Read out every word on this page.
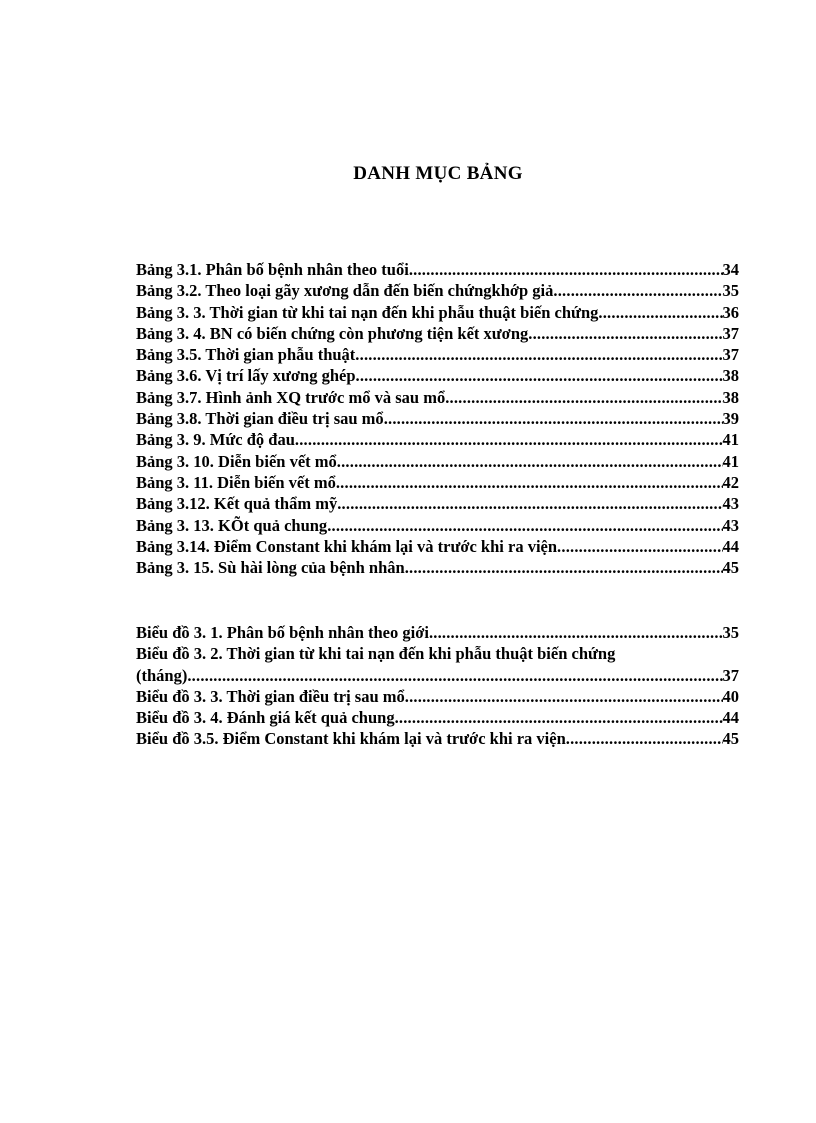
DANH MỤC BẢNG
Bảng 3.1. Phân bố bệnh nhân theo tuổi .....	34
Bảng 3.2. Theo loại gãy xương dẫn đến biến chứngkhớp giả .....	35
Bảng 3. 3. Thời gian từ khi tai nạn đến khi phẫu thuật biến chứng .....	36
Bảng 3. 4. BN có biến chứng còn phương tiện kết xương .....	37
Bảng 3.5. Thời gian phẫu thuật .....	37
Bảng 3.6. Vị trí lấy xương ghép .....	38
Bảng 3.7. Hình ảnh XQ trước mổ và sau mổ .....	38
Bảng 3.8. Thời gian điều trị sau mổ .....	39
Bảng 3. 9. Mức độ đau .....	41
Bảng 3. 10. Diễn biến vết mổ .....	41
Bảng 3. 11. Diễn biến vết mổ .....	42
Bảng 3.12. Kết quả thẩm mỹ .....	43
Bảng 3. 13. KÕt quả chung .....	43
Bảng 3.14. Điểm Constant khi khám lại và trước khi ra viện .....	44
Bảng 3. 15. Sù hài lòng của bệnh nhân .....	45
Biểu đồ 3. 1. Phân bố bệnh nhân theo giới .....	35
Biểu đồ 3. 2. Thời gian từ khi tai nạn đến khi phẫu thuật biến chứng
(tháng) .....	37
Biểu đồ 3. 3. Thời gian điều trị sau mổ .....	40
Biểu đồ 3. 4. Đánh giá kết quả chung .....	44
Biểu đồ 3.5. Điểm Constant khi khám lại và trước khi ra viện .....	45
